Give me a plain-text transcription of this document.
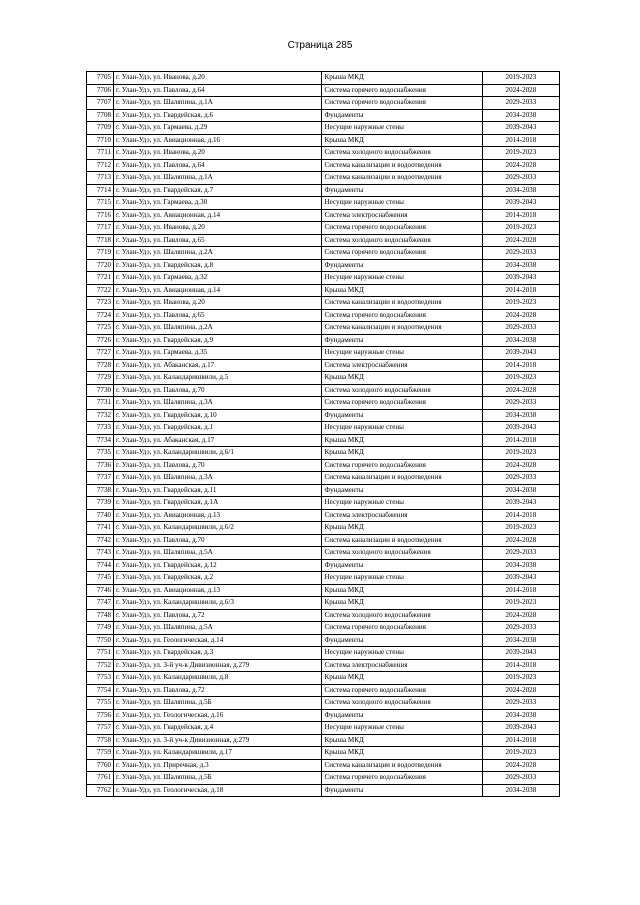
Страница 285
7705	г. Улан-Удэ, ул. Иванова, д.20	Крыша МКД	2019-2023
7706	г. Улан-Удэ, ул. Павлова, д.64	Система горячего водоснабжения	2024-2028
7707	г. Улан-Удэ, ул. Шаляпина, д.1А	Система горячего водоснабжения	2029-2033
7708	г. Улан-Удэ, ул. Гвардейская, д.6	Фундаменты	2034-2038
7709	г. Улан-Удэ, ул. Гармаева, д.29	Несущие наружные стены	2039-2043
7710	г. Улан-Удэ, ул. Авиационная, д.16	Крыша МКД	2014-2018
7711	г. Улан-Удэ, ул. Иванова, д.20	Система холодного водоснабжения	2019-2023
7712	г. Улан-Удэ, ул. Павлова, д.64	Система канализации и водоотведения	2024-2028
7713	г. Улан-Удэ, ул. Шаляпина, д.1А	Система канализации и водоотведения	2029-2033
7714	г. Улан-Удэ, ул. Гвардейская, д.7	Фундаменты	2034-2038
7715	г. Улан-Удэ, ул. Гармаева, д.30	Несущие наружные стены	2039-2043
7716	г. Улан-Удэ, ул. Авиационная, д.14	Система электроснабжения	2014-2018
7717	г. Улан-Удэ, ул. Иванова, д.20	Система горячего водоснабжения	2019-2023
7718	г. Улан-Удэ, ул. Павлова, д.65	Система холодного водоснабжения	2024-2028
7719	г. Улан-Удэ, ул. Шаляпина, д.2А	Система горячего водоснабжения	2029-2033
7720	г. Улан-Удэ, ул. Гвардейская, д.8	Фундаменты	2034-2038
7721	г. Улан-Удэ, ул. Гармаева, д.32	Несущие наружные стены	2039-2043
7722	г. Улан-Удэ, ул. Авиационная, д.14	Крыша МКД	2014-2018
7723	г. Улан-Удэ, ул. Иванова, д.20	Система канализации и водоотведения	2019-2023
7724	г. Улан-Удэ, ул. Павлова, д.65	Система горячего водоснабжения	2024-2028
7725	г. Улан-Удэ, ул. Шаляпина, д.2А	Система канализации и водоотведения	2029-2033
7726	г. Улан-Удэ, ул. Гвардейская, д.9	Фундаменты	2034-2038
7727	г. Улан-Удэ, ул. Гармаева, д.35	Несущие наружные стены	2039-2043
7728	г. Улан-Удэ, ул. Абаканская, д.17	Система электроснабжения	2014-2018
7729	г. Улан-Удэ, ул. Каландаришвили, д.5	Крыша МКД	2019-2023
7730	г. Улан-Удэ, ул. Павлова, д.70	Система холодного водоснабжения	2024-2028
7731	г. Улан-Удэ, ул. Шаляпина, д.3А	Система горячего водоснабжения	2029-2033
7732	г. Улан-Удэ, ул. Гвардейская, д.10	Фундаменты	2034-2038
7733	г. Улан-Удэ, ул. Гвардейская, д.1	Несущие наружные стены	2039-2043
7734	г. Улан-Удэ, ул. Абаканская, д.17	Крыша МКД	2014-2018
7735	г. Улан-Удэ, ул. Каландаришвили, д.6/1	Крыша МКД	2019-2023
7736	г. Улан-Удэ, ул. Павлова, д.70	Система горячего водоснабжения	2024-2028
7737	г. Улан-Удэ, ул. Шаляпина, д.3А	Система канализации и водоотведения	2029-2033
7738	г. Улан-Удэ, ул. Гвардейская, д.11	Фундаменты	2034-2038
7739	г. Улан-Удэ, ул. Гвардейская, д.1А	Несущие наружные стены	2039-2043
7740	г. Улан-Удэ, ул. Авиационная, д.13	Система электроснабжения	2014-2018
7741	г. Улан-Удэ, ул. Каландаришвили, д.6/2	Крыша МКД	2019-2023
7742	г. Улан-Удэ, ул. Павлова, д.70	Система канализации и водоотведения	2024-2028
7743	г. Улан-Удэ, ул. Шаляпина, д.5А	Система холодного водоснабжения	2029-2033
7744	г. Улан-Удэ, ул. Гвардейская, д.12	Фундаменты	2034-2038
7745	г. Улан-Удэ, ул. Гвардейская, д.2	Несущие наружные стены	2039-2043
7746	г. Улан-Удэ, ул. Авиационная, д.13	Крыша МКД	2014-2018
7747	г. Улан-Удэ, ул. Каландаришвили, д.6/3	Крыша МКД	2019-2023
7748	г. Улан-Удэ, ул. Павлова, д.72	Система холодного водоснабжения	2024-2028
7749	г. Улан-Удэ, ул. Шаляпина, д.5А	Система горячего водоснабжения	2029-2033
7750	г. Улан-Удэ, ул. Геологическая, д.14	Фундаменты	2034-2038
7751	г. Улан-Удэ, ул. Гвардейская, д.3	Несущие наружные стены	2039-2043
7752	г. Улан-Удэ, ул. 3-й уч-к Дивизионная, д.279	Система электроснабжения	2014-2018
7753	г. Улан-Удэ, ул. Каландаришвили, д.8	Крыша МКД	2019-2023
7754	г. Улан-Удэ, ул. Павлова, д.72	Система горячего водоснабжения	2024-2028
7755	г. Улан-Удэ, ул. Шаляпина, д.5Б	Система холодного водоснабжения	2029-2033
7756	г. Улан-Удэ, ул. Геологическая, д.16	Фундаменты	2034-2038
7757	г. Улан-Удэ, ул. Гвардейская, д.4	Несущие наружные стены	2039-2043
7758	г. Улан-Удэ, ул. 3-й уч-к Дивизионная, д.279	Крыша МКД	2014-2018
7759	г. Улан-Удэ, ул. Каландаришвили, д.17	Крыша МКД	2019-2023
7760	г. Улан-Удэ, ул. Приречная, д.3	Система канализации и водоотведения	2024-2028
7761	г. Улан-Удэ, ул. Шаляпина, д.5Б	Система горячего водоснабжения	2029-2033
7762	г. Улан-Удэ, ул. Геологическая, д.18	Фундаменты	2034-2038
